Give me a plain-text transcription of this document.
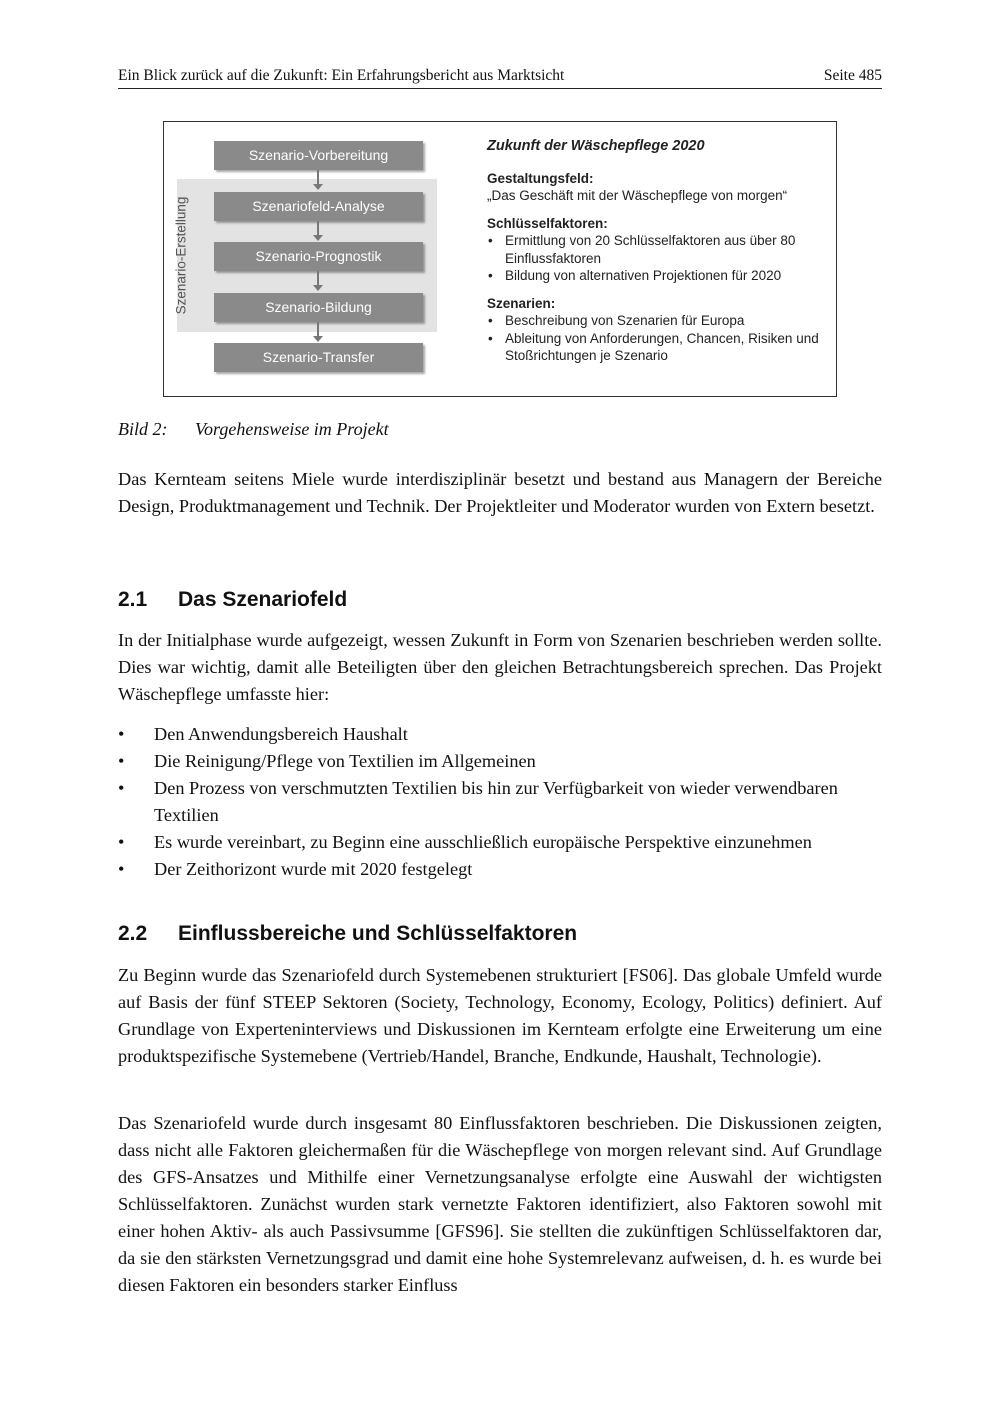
Ein Blick zurück auf die Zukunft: Ein Erfahrungsbericht aus Marktsicht	Seite 485
Szenario-Erstellung
Szenario-Vorbereitung
Szenariofeld-Analyse
Szenario-Prognostik
Szenario-Bildung
Szenario-Transfer
Zukunft der Wäschepflege 2020
Gestaltungsfeld:
„Das Geschäft mit der Wäschepflege von morgen“
Schlüsselfaktoren:
• Ermittlung von 20 Schlüsselfaktoren aus über 80 Einflussfaktoren
• Bildung von alternativen Projektionen für 2020
Szenarien:
• Beschreibung von Szenarien für Europa
• Ableitung von Anforderungen, Chancen, Risiken und Stoßrichtungen je Szenario
Bild 2: Vorgehensweise im Projekt
Das Kernteam seitens Miele wurde interdisziplinär besetzt und bestand aus Managern der Bereiche Design, Produktmanagement und Technik. Der Projektleiter und Moderator wurden von Extern besetzt.
2.1 Das Szenariofeld
In der Initialphase wurde aufgezeigt, wessen Zukunft in Form von Szenarien beschrieben werden sollte. Dies war wichtig, damit alle Beteiligten über den gleichen Betrachtungsbereich sprechen. Das Projekt Wäschepflege umfasste hier:
• Den Anwendungsbereich Haushalt
• Die Reinigung/Pflege von Textilien im Allgemeinen
• Den Prozess von verschmutzten Textilien bis hin zur Verfügbarkeit von wieder verwendbaren Textilien
• Es wurde vereinbart, zu Beginn eine ausschließlich europäische Perspektive einzunehmen
• Der Zeithorizont wurde mit 2020 festgelegt
2.2 Einflussbereiche und Schlüsselfaktoren
Zu Beginn wurde das Szenariofeld durch Systemebenen strukturiert [FS06]. Das globale Umfeld wurde auf Basis der fünf STEEP Sektoren (Society, Technology, Economy, Ecology, Politics) definiert. Auf Grundlage von Experteninterviews und Diskussionen im Kernteam erfolgte eine Erweiterung um eine produktspezifische Systemebene (Vertrieb/Handel, Branche, Endkunde, Haushalt, Technologie).
Das Szenariofeld wurde durch insgesamt 80 Einflussfaktoren beschrieben. Die Diskussionen zeigten, dass nicht alle Faktoren gleichermaßen für die Wäschepflege von morgen relevant sind. Auf Grundlage des GFS-Ansatzes und Mithilfe einer Vernetzungsanalyse erfolgte eine Auswahl der wichtigsten Schlüsselfaktoren. Zunächst wurden stark vernetzte Faktoren identifiziert, also Faktoren sowohl mit einer hohen Aktiv- als auch Passivsumme [GFS96]. Sie stellten die zukünftigen Schlüsselfaktoren dar, da sie den stärksten Vernetzungsgrad und damit eine hohe Systemrelevanz aufweisen, d. h. es wurde bei diesen Faktoren ein besonders starker Einfluss
